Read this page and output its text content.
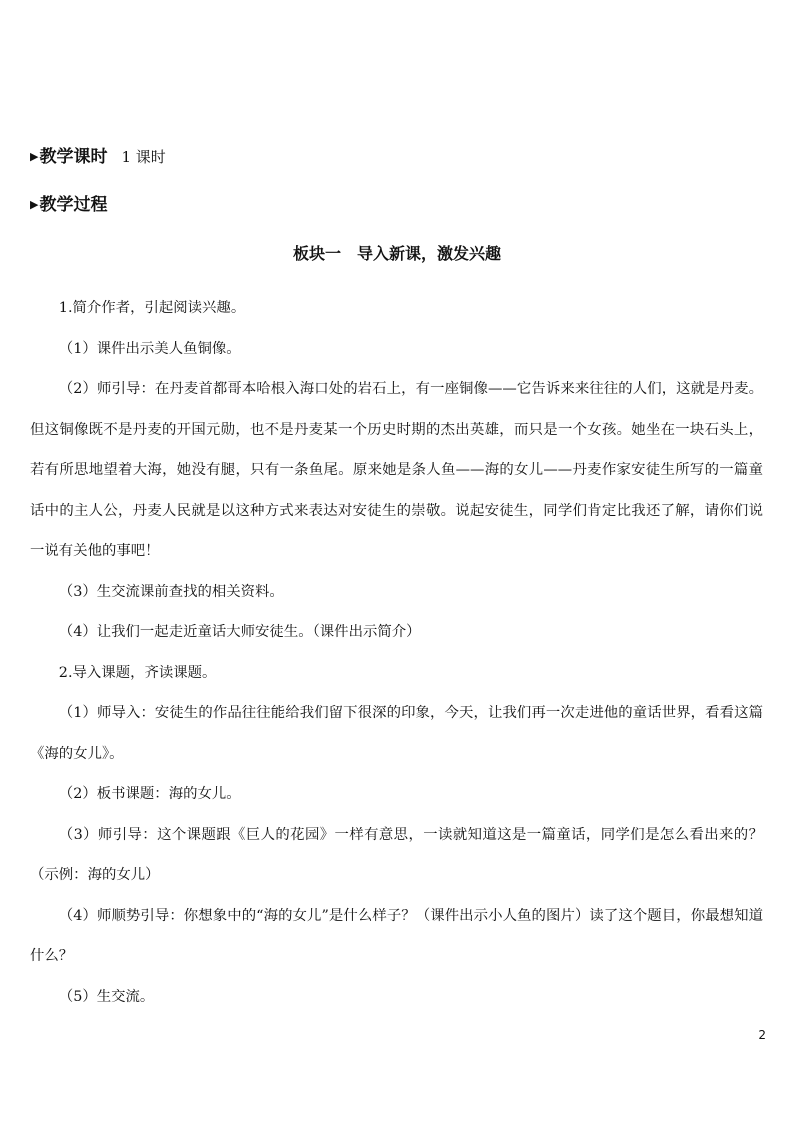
▶教学课时 1 课时
▶教学过程
板块一　导入新课，激发兴趣

1.简介作者，引起阅读兴趣。

（1）课件出示美人鱼铜像。

（2）师引导：在丹麦首都哥本哈根入海口处的岩石上，有一座铜像——它告诉来来往往的人们，这就是丹麦。但这铜像既不是丹麦的开国元勋，也不是丹麦某一个历史时期的杰出英雄，而只是一个女孩。她坐在一块石头上，若有所思地望着大海，她没有腿，只有一条鱼尾。原来她是条人鱼——海的女儿——丹麦作家安徒生所写的一篇童话中的主人公，丹麦人民就是以这种方式来表达对安徒生的崇敬。说起安徒生，同学们肯定比我还了解，请你们说一说有关他的事吧！

（3）生交流课前查找的相关资料。

（4）让我们一起走近童话大师安徒生。（课件出示简介）

2.导入课题，齐读课题。

（1）师导入：安徒生的作品往往能给我们留下很深的印象，今天，让我们再一次走进他的童话世界，看看这篇《海的女儿》。

（2）板书课题：海的女儿。

（3）师引导：这个课题跟《巨人的花园》一样有意思，一读就知道这是一篇童话，同学们是怎么看出来的？（示例：海的女儿）

（4）师顺势引导：你想象中的“海的女儿”是什么样子？（课件出示小人鱼的图片）读了这个题目，你最想知道什么？

（5）生交流。

2
